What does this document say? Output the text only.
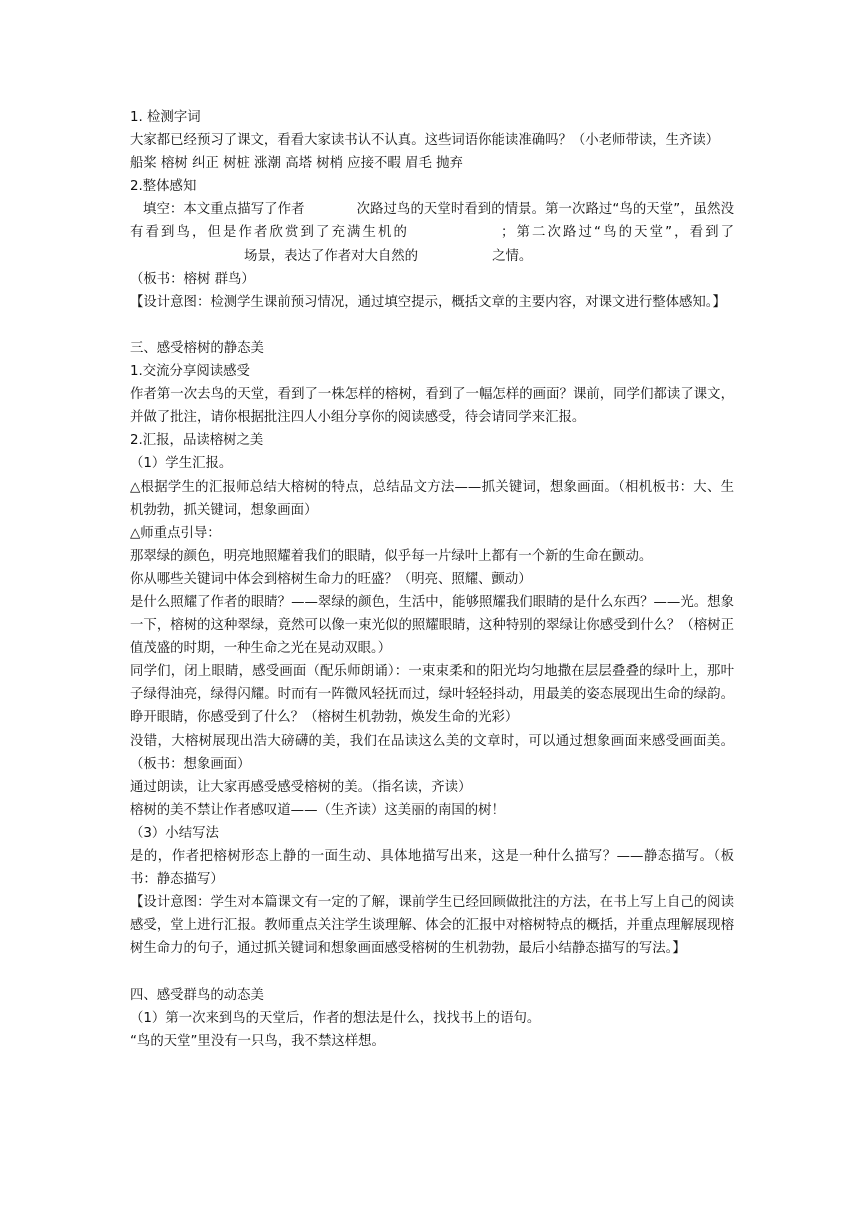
1. 检测字词

大家都已经预习了课文，看看大家读书认不认真。这些词语你能读准确吗？（小老师带读，生齐读）

船桨 榕树 纠正 树桩 涨潮 高塔 树梢 应接不暇 眉毛 抛弃

2.整体感知

填空：本文重点描写了作者	次路过鸟的天堂时看到的情景。第一次路过“鸟的天堂”，虽然没有看到鸟，但是作者欣赏到了充满生机的	；第二次路过“鸟的天堂”，看到了场景，表达了作者对大自然的	之情。

（板书：榕树 群鸟）

【设计意图：检测学生课前预习情况，通过填空提示，概括文章的主要内容，对课文进行整体感知。】

三、感受榕树的静态美

1.交流分享阅读感受

作者第一次去鸟的天堂，看到了一株怎样的榕树，看到了一幅怎样的画面？课前，同学们都读了课文，并做了批注，请你根据批注四人小组分享你的阅读感受，待会请同学来汇报。

2.汇报，品读榕树之美

（1）学生汇报。

△根据学生的汇报师总结大榕树的特点，总结品文方法——抓关键词，想象画面。（相机板书：大、生机勃勃，抓关键词，想象画面）

△师重点引导：

那翠绿的颜色，明亮地照耀着我们的眼睛，似乎每一片绿叶上都有一个新的生命在颤动。

你从哪些关键词中体会到榕树生命力的旺盛？（明亮、照耀、颤动）

是什么照耀了作者的眼睛？——翠绿的颜色，生活中，能够照耀我们眼睛的是什么东西？——光。想象一下，榕树的这种翠绿，竟然可以像一束光似的照耀眼睛，这种特别的翠绿让你感受到什么？（榕树正值茂盛的时期，一种生命之光在晃动双眼。）

同学们，闭上眼睛，感受画面（配乐师朗诵）：一束束柔和的阳光均匀地撒在层层叠叠的绿叶上，那叶子绿得油亮，绿得闪耀。时而有一阵微风轻抚而过，绿叶轻轻抖动，用最美的姿态展现出生命的绿韵。睁开眼睛，你感受到了什么？（榕树生机勃勃，焕发生命的光彩）

没错，大榕树展现出浩大磅礴的美，我们在品读这么美的文章时，可以通过想象画面来感受画面美。（板书：想象画面）

通过朗读，让大家再感受感受榕树的美。（指名读，齐读）

榕树的美不禁让作者感叹道——（生齐读）这美丽的南国的树！

（3）小结写法

是的，作者把榕树形态上静的一面生动、具体地描写出来，这是一种什么描写？——静态描写。（板书：静态描写）

【设计意图：学生对本篇课文有一定的了解，课前学生已经回顾做批注的方法，在书上写上自己的阅读感受，堂上进行汇报。教师重点关注学生谈理解、体会的汇报中对榕树特点的概括，并重点理解展现榕树生命力的句子，通过抓关键词和想象画面感受榕树的生机勃勃，最后小结静态描写的写法。】

四、感受群鸟的动态美

（1）第一次来到鸟的天堂后，作者的想法是什么，找找书上的语句。

“鸟的天堂”里没有一只鸟，我不禁这样想。
